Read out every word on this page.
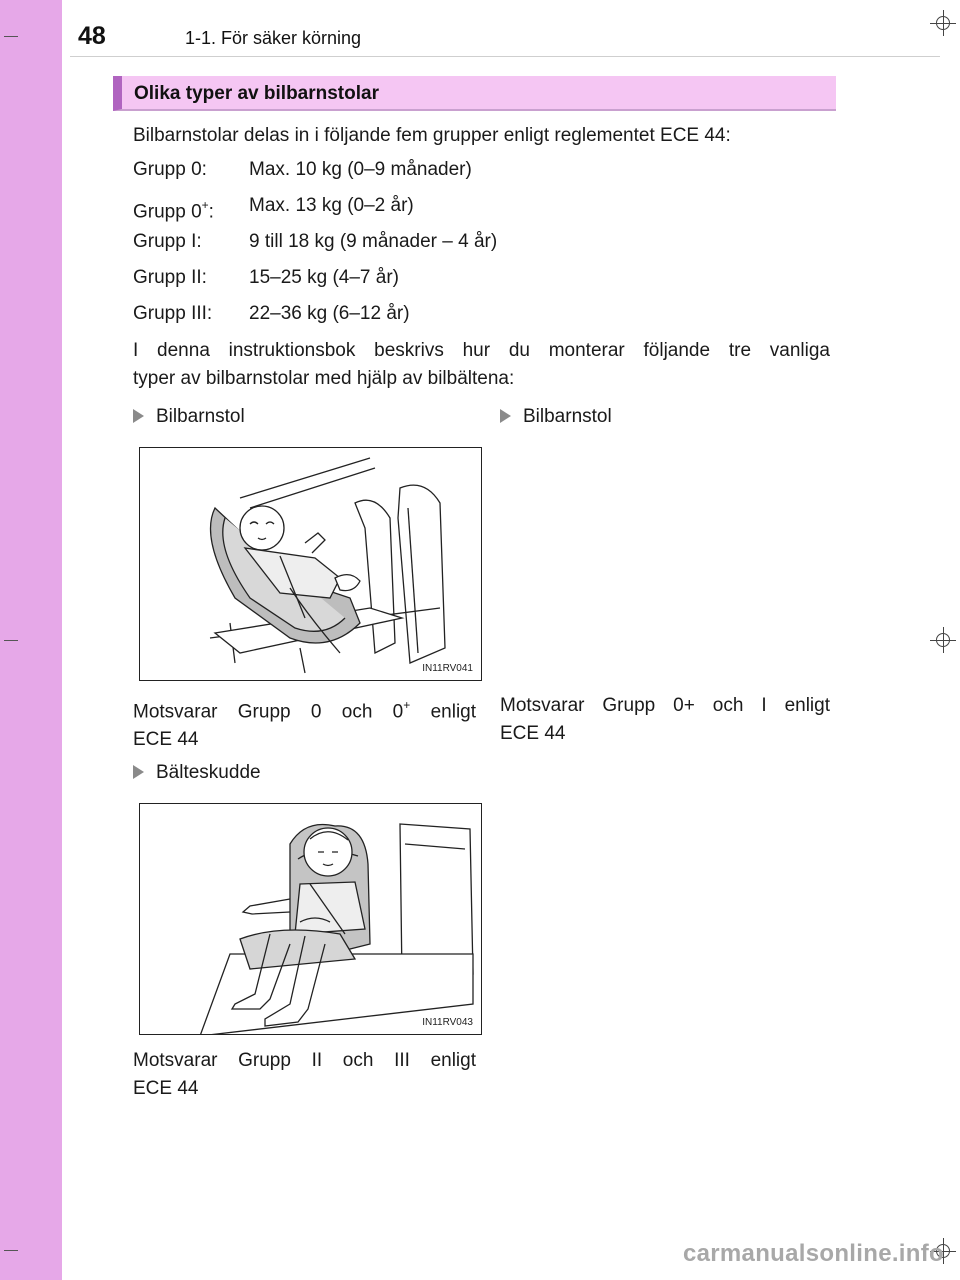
48	1-1. För säker körning
Olika typer av bilbarnstolar
Bilbarnstolar delas in i följande fem grupper enligt reglementet ECE 44:
Grupp 0: Max. 10 kg (0–9 månader)
Grupp 0+: Max. 13 kg (0–2 år)
Grupp I: 9 till 18 kg (9 månader – 4 år)
Grupp II: 15–25 kg (4–7 år)
Grupp III: 22–36 kg (6–12 år)
I denna instruktionsbok beskrivs hur du monterar följande tre vanliga
typer av bilbarnstolar med hjälp av bilbältena:
Bilbarnstol	Bilbarnstol
IN11RV041
Motsvarar Grupp 0 och 0+ enligt
ECE 44
Motsvarar Grupp 0+ och I enligt
ECE 44
Bälteskudde
IN11RV043
Motsvarar Grupp II och III enligt
ECE 44
carmanualsonline.info
